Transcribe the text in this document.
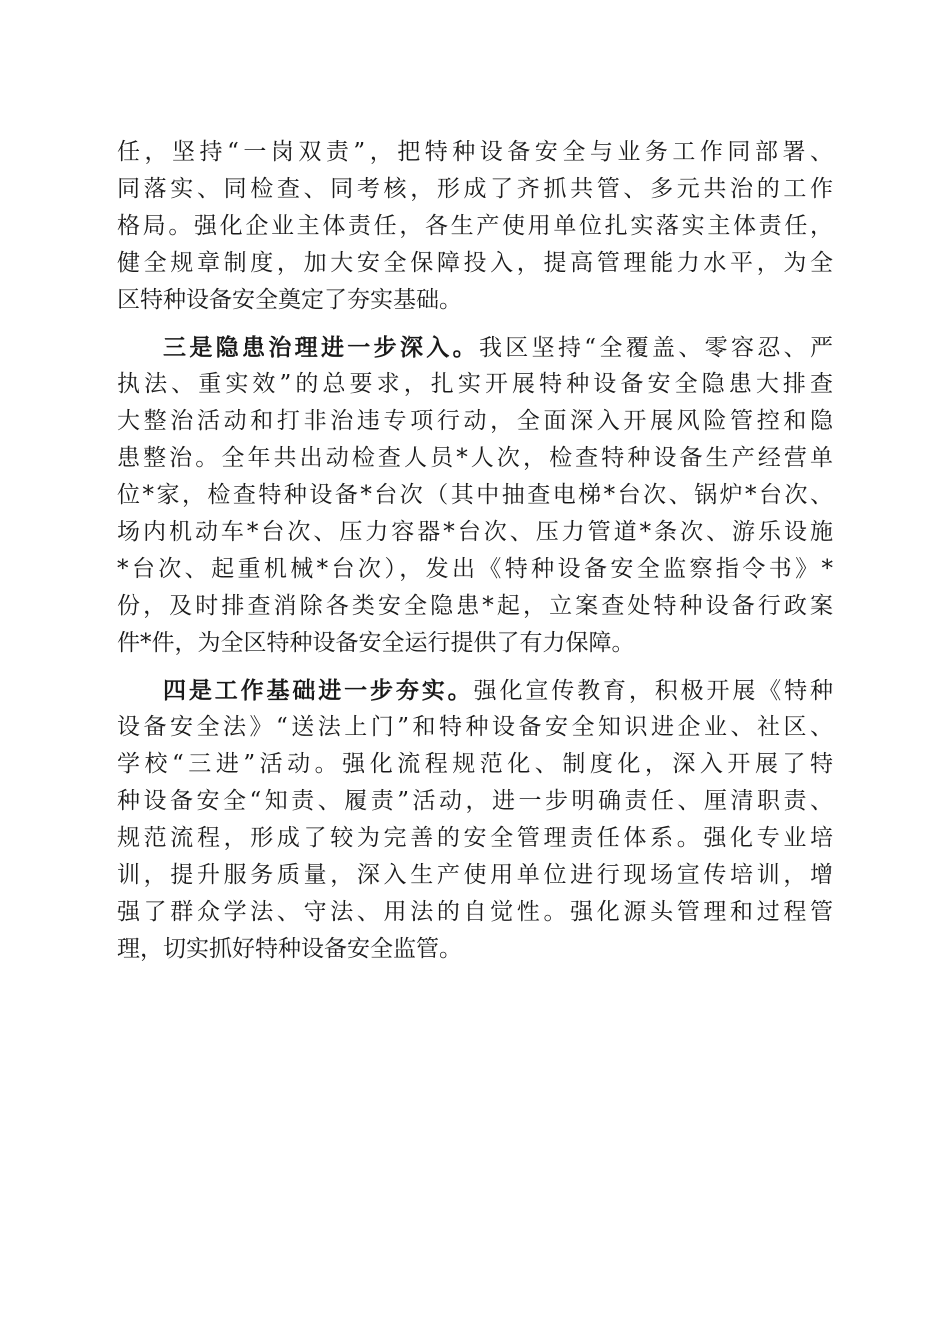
任，坚持“一岗双责”，把特种设备安全与业务工作同部署、
同落实、同检查、同考核，形成了齐抓共管、多元共治的工作
格局。强化企业主体责任，各生产使用单位扎实落实主体责任，
健全规章制度，加大安全保障投入，提高管理能力水平，为全
区特种设备安全奠定了夯实基础。
三是隐患治理进一步深入。我区坚持“全覆盖、零容忍、严
执法、重实效”的总要求，扎实开展特种设备安全隐患大排查
大整治活动和打非治违专项行动，全面深入开展风险管控和隐
患整治。全年共出动检查人员*人次，检查特种设备生产经营单
位*家，检查特种设备*台次（其中抽查电梯*台次、锅炉*台次、
场内机动车*台次、压力容器*台次、压力管道*条次、游乐设施
*台次、起重机械*台次），发出《特种设备安全监察指令书》*
份，及时排查消除各类安全隐患*起，立案查处特种设备行政案
件*件，为全区特种设备安全运行提供了有力保障。
四是工作基础进一步夯实。强化宣传教育，积极开展《特种
设备安全法》“送法上门”和特种设备安全知识进企业、社区、
学校“三进”活动。强化流程规范化、制度化，深入开展了特
种设备安全“知责、履责”活动，进一步明确责任、厘清职责、
规范流程，形成了较为完善的安全管理责任体系。强化专业培
训，提升服务质量，深入生产使用单位进行现场宣传培训，增
强了群众学法、守法、用法的自觉性。强化源头管理和过程管
理，切实抓好特种设备安全监管。
